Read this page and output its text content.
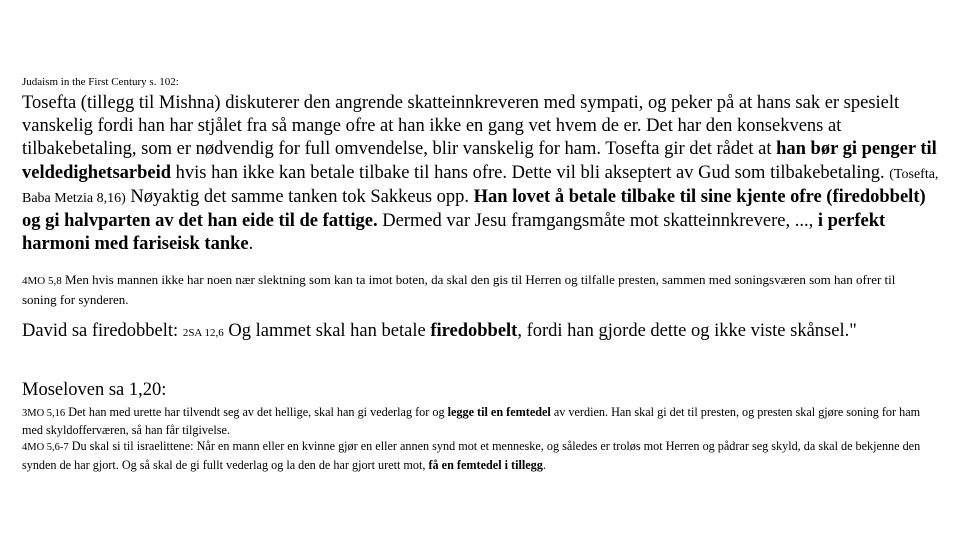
Judaism in the First Century s. 102:

Tosefta (tillegg til Mishna) diskuterer den angrende skatteinnkreveren med sympati, og peker på at hans sak er spesielt vanskelig fordi han har stjålet fra så mange ofre at han ikke en gang vet hvem de er. Det har den konsekvens at tilbakebetaling, som er nødvendig for full omvendelse, blir vanskelig for ham. Tosefta gir det rådet at han bør gi penger til veldedighetsarbeid hvis han ikke kan betale tilbake til hans ofre. Dette vil bli akseptert av Gud som tilbakebetaling. (Tosefta, Baba Metzia 8,16) Nøyaktig det samme tanken tok Sakkeus opp. Han lovet å betale tilbake til sine kjente ofre (firedobbelt) og gi halvparten av det han eide til de fattige. Dermed var Jesu framgangsmåte mot skatteinnkrevere, ..., i perfekt harmoni med fariseisk tanke.

4MO 5,8 Men hvis mannen ikke har noen nær slektning som kan ta imot boten, da skal den gis til Herren og tilfalle presten, sammen med soningsværen som han ofrer til soning for synderen.

David sa firedobbelt: 2SA 12,6 Og lammet skal han betale firedobbelt, fordi han gjorde dette og ikke viste skånsel."

Moseloven sa 1,20:

3MO 5,16 Det han med urette har tilvendt seg av det hellige, skal han gi vederlag for og legge til en femtedel av verdien. Han skal gi det til presten, og presten skal gjøre soning for ham med skyldofferværen, så han får tilgivelse.
4MO 5,6-7 Du skal si til israelittene: Når en mann eller en kvinne gjør en eller annen synd mot et menneske, og således er troløs mot Herren og pådrar seg skyld, da skal de bekjenne den synden de har gjort. Og så skal de gi fullt vederlag og la den de har gjort urett mot, få en femtedel i tillegg.
